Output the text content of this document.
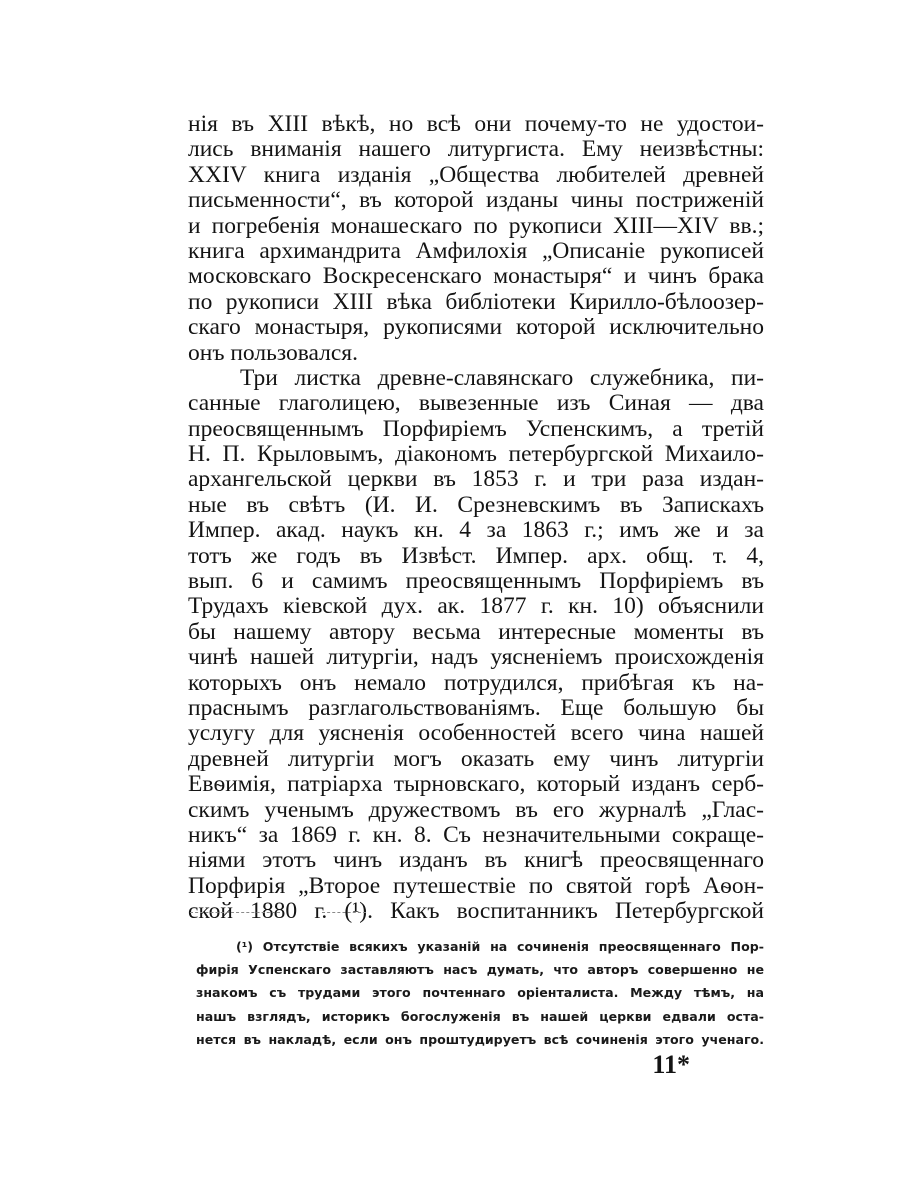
нія въ XIII вѣкѣ, но всѣ они почему-то не удостои-
лись вниманія нашего литургиста. Ему неизвѣстны:
XXIV книга изданія „Общества любителей древней
письменности“, въ которой изданы чины постриженій
и погребенія монашескаго по рукописи XIII—XIV вв.;
книга архимандрита Амфилохія „Описаніе рукописей
московскаго Воскресенскаго монастыря“ и чинъ брака
по рукописи XIII вѣка библіотеки Кирилло-бѣлоозер-
скаго монастыря, рукописями которой исключительно
онъ пользовался.
Три листка древне-славянскаго служебника, пи-
санные глаголицею, вывезенные изъ Синая — два
преосвященнымъ Порфиріемъ Успенскимъ, а третій
Н. П. Крыловымъ, діакономъ петербургской Михаило-
архангельской церкви въ 1853 г. и три раза издан-
ные въ свѣтъ (И. И. Срезневскимъ въ Запискахъ
Импер. акад. наукъ кн. 4 за 1863 г.; имъ же и за
тотъ же годъ въ Извѣст. Импер. арх. общ. т. 4,
вып. 6 и самимъ преосвященнымъ Порфиріемъ въ
Трудахъ кіевской дух. ак. 1877 г. кн. 10) объяснили
бы нашему автору весьма интересные моменты въ
чинѣ нашей литургіи, надъ уясненіемъ происхожденія
которыхъ онъ немало потрудился, прибѣгая къ на-
праснымъ разглагольствованіямъ. Еще большую бы
услугу для уясненія особенностей всего чина нашей
древней литургіи могъ оказать ему чинъ литургіи
Евѳимія, патріарха тырновскаго, который изданъ серб-
скимъ ученымъ дружествомъ въ его журналѣ „Глас-
никъ“ за 1869 г. кн. 8. Съ незначительными сокраще-
ніями этотъ чинъ изданъ въ книгѣ преосвященнаго
Порфирія „Второе путешествіе по святой горѣ Аѳон-
ской 1880 г. (¹). Какъ воспитанникъ Петербургской
(¹) Отсутствіе всякихъ указаній на сочиненія преосвященнаго Пор-
фирія Успенскаго заставляютъ насъ думать, что авторъ совершенно не
знакомъ съ трудами этого почтеннаго оріенталиста. Между тѣмъ, на
нашъ взглядъ, историкъ богослуженія въ нашей церкви едвали оста-
нется въ накладѣ, если онъ проштудируетъ всѣ сочиненія этого ученаго.
11*
